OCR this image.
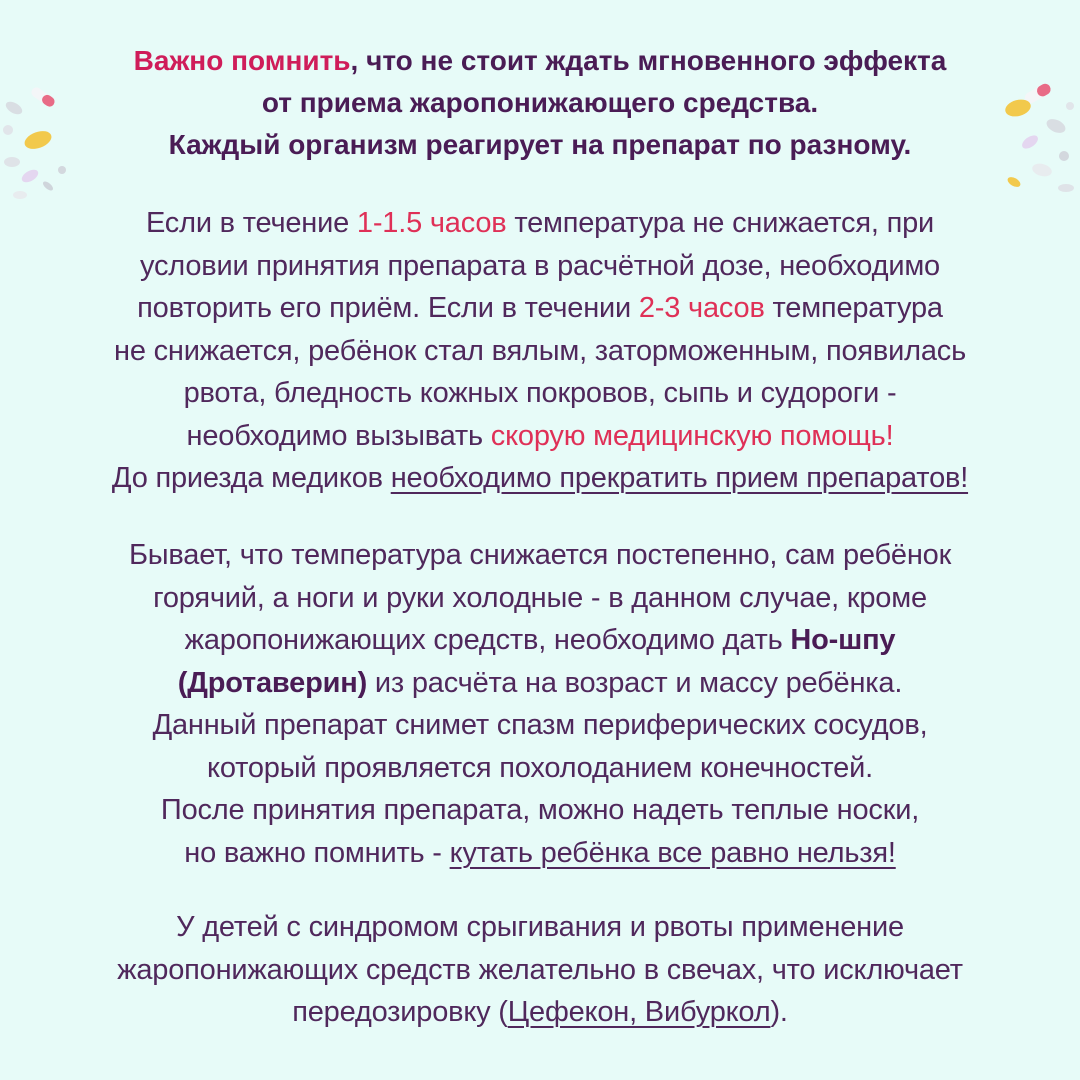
Важно помнить, что не стоит ждать мгновенного эффекта
от приема жаропонижающего средства.
Каждый организм реагирует на препарат по разному.
Если в течение 1-1.5 часов температура не снижается, при
условии принятия препарата в расчётной дозе, необходимо
повторить его приём. Если в течении 2-3 часов температура
не снижается, ребёнок стал вялым, заторможенным, появилась
рвота, бледность кожных покровов, сыпь и судороги -
необходимо вызывать скорую медицинскую помощь!
До приезда медиков необходимо прекратить прием препаратов!
Бывает, что температура снижается постепенно, сам ребёнок
горячий, а ноги и руки холодные - в данном случае, кроме
жаропонижающих средств, необходимо дать Но-шпу
(Дротаверин) из расчёта на возраст и массу ребёнка.
Данный препарат снимет спазм периферических сосудов,
который проявляется похолоданием конечностей.
После принятия препарата, можно надеть теплые носки,
но важно помнить - кутать ребёнка все равно нельзя!
У детей с синдромом срыгивания и рвоты применение
жаропонижающих средств желательно в свечах, что исключает
передозировку (Цефекон, Вибуркол).
